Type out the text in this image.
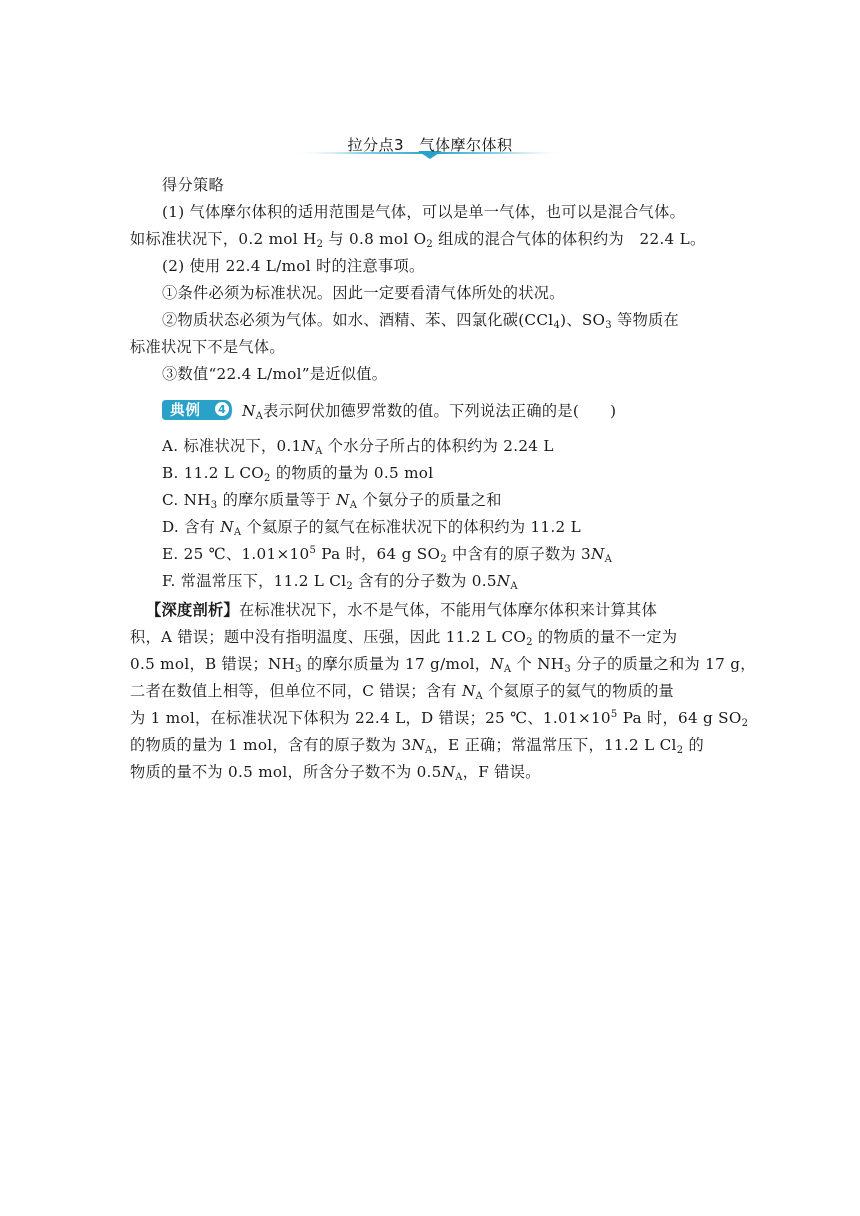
拉分点3　气体摩尔体积
得分策略
(1) 气体摩尔体积的适用范围是气体，可以是单一气体，也可以是混合气体。
如标准状况下，0.2 mol $H_2$ 与 0.8 mol $O_2$ 组成的混合气体的体积约为　22.4 L。
(2) 使用 22.4 L/mol 时的注意事项。
①条件必须为标准状况。因此一定要看清气体所处的状况。
②物质状态必须为气体。如水、酒精、苯、四氯化碳(CCl$_4$)、$SO_3$ 等物质在
标准状况下不是气体。
③数值“22.4 L/mol”是近似值。
典例	4	$N_A$表示阿伏加德罗常数的值。下列说法正确的是(　　)
A. 标准状况下，$0.1N_A$ 个水分子所占的体积约为 2.24 L
B. 11.2 L $CO_2$ 的物质的量为 0.5 mol
C. $NH_3$ 的摩尔质量等于 $N_A$ 个氨分子的质量之和
D. 含有 $N_A$ 个氦原子的氦气在标准状况下的体积约为 11.2 L
E. 25 ℃、$1.01\times 10^5$ Pa 时，64 g $SO_2$ 中含有的原子数为 $3N_A$
F. 常温常压下，11.2 L $Cl_2$ 含有的分子数为 $0.5N_A$
【深度剖析】在标准状况下，水不是气体，不能用气体摩尔体积来计算其体
积，A 错误；题中没有指明温度、压强，因此 11.2 L $CO_2$ 的物质的量不一定为
0.5 mol，B 错误；$NH_3$ 的摩尔质量为 17 g/mol，$N_A$ 个 $NH_3$ 分子的质量之和为 17 g，
二者在数值上相等，但单位不同，C 错误；含有 $N_A$ 个氦原子的氦气的物质的量
为 1 mol，在标准状况下体积为 22.4 L，D 错误；25 ℃、$1.01\times 10^5$ Pa 时，64 g $SO_2$
的物质的量为 1 mol，含有的原子数为 $3N_A$，E 正确；常温常压下，11.2 L $Cl_2$ 的
物质的量不为 0.5 mol，所含分子数不为 $0.5N_A$，F 错误。
